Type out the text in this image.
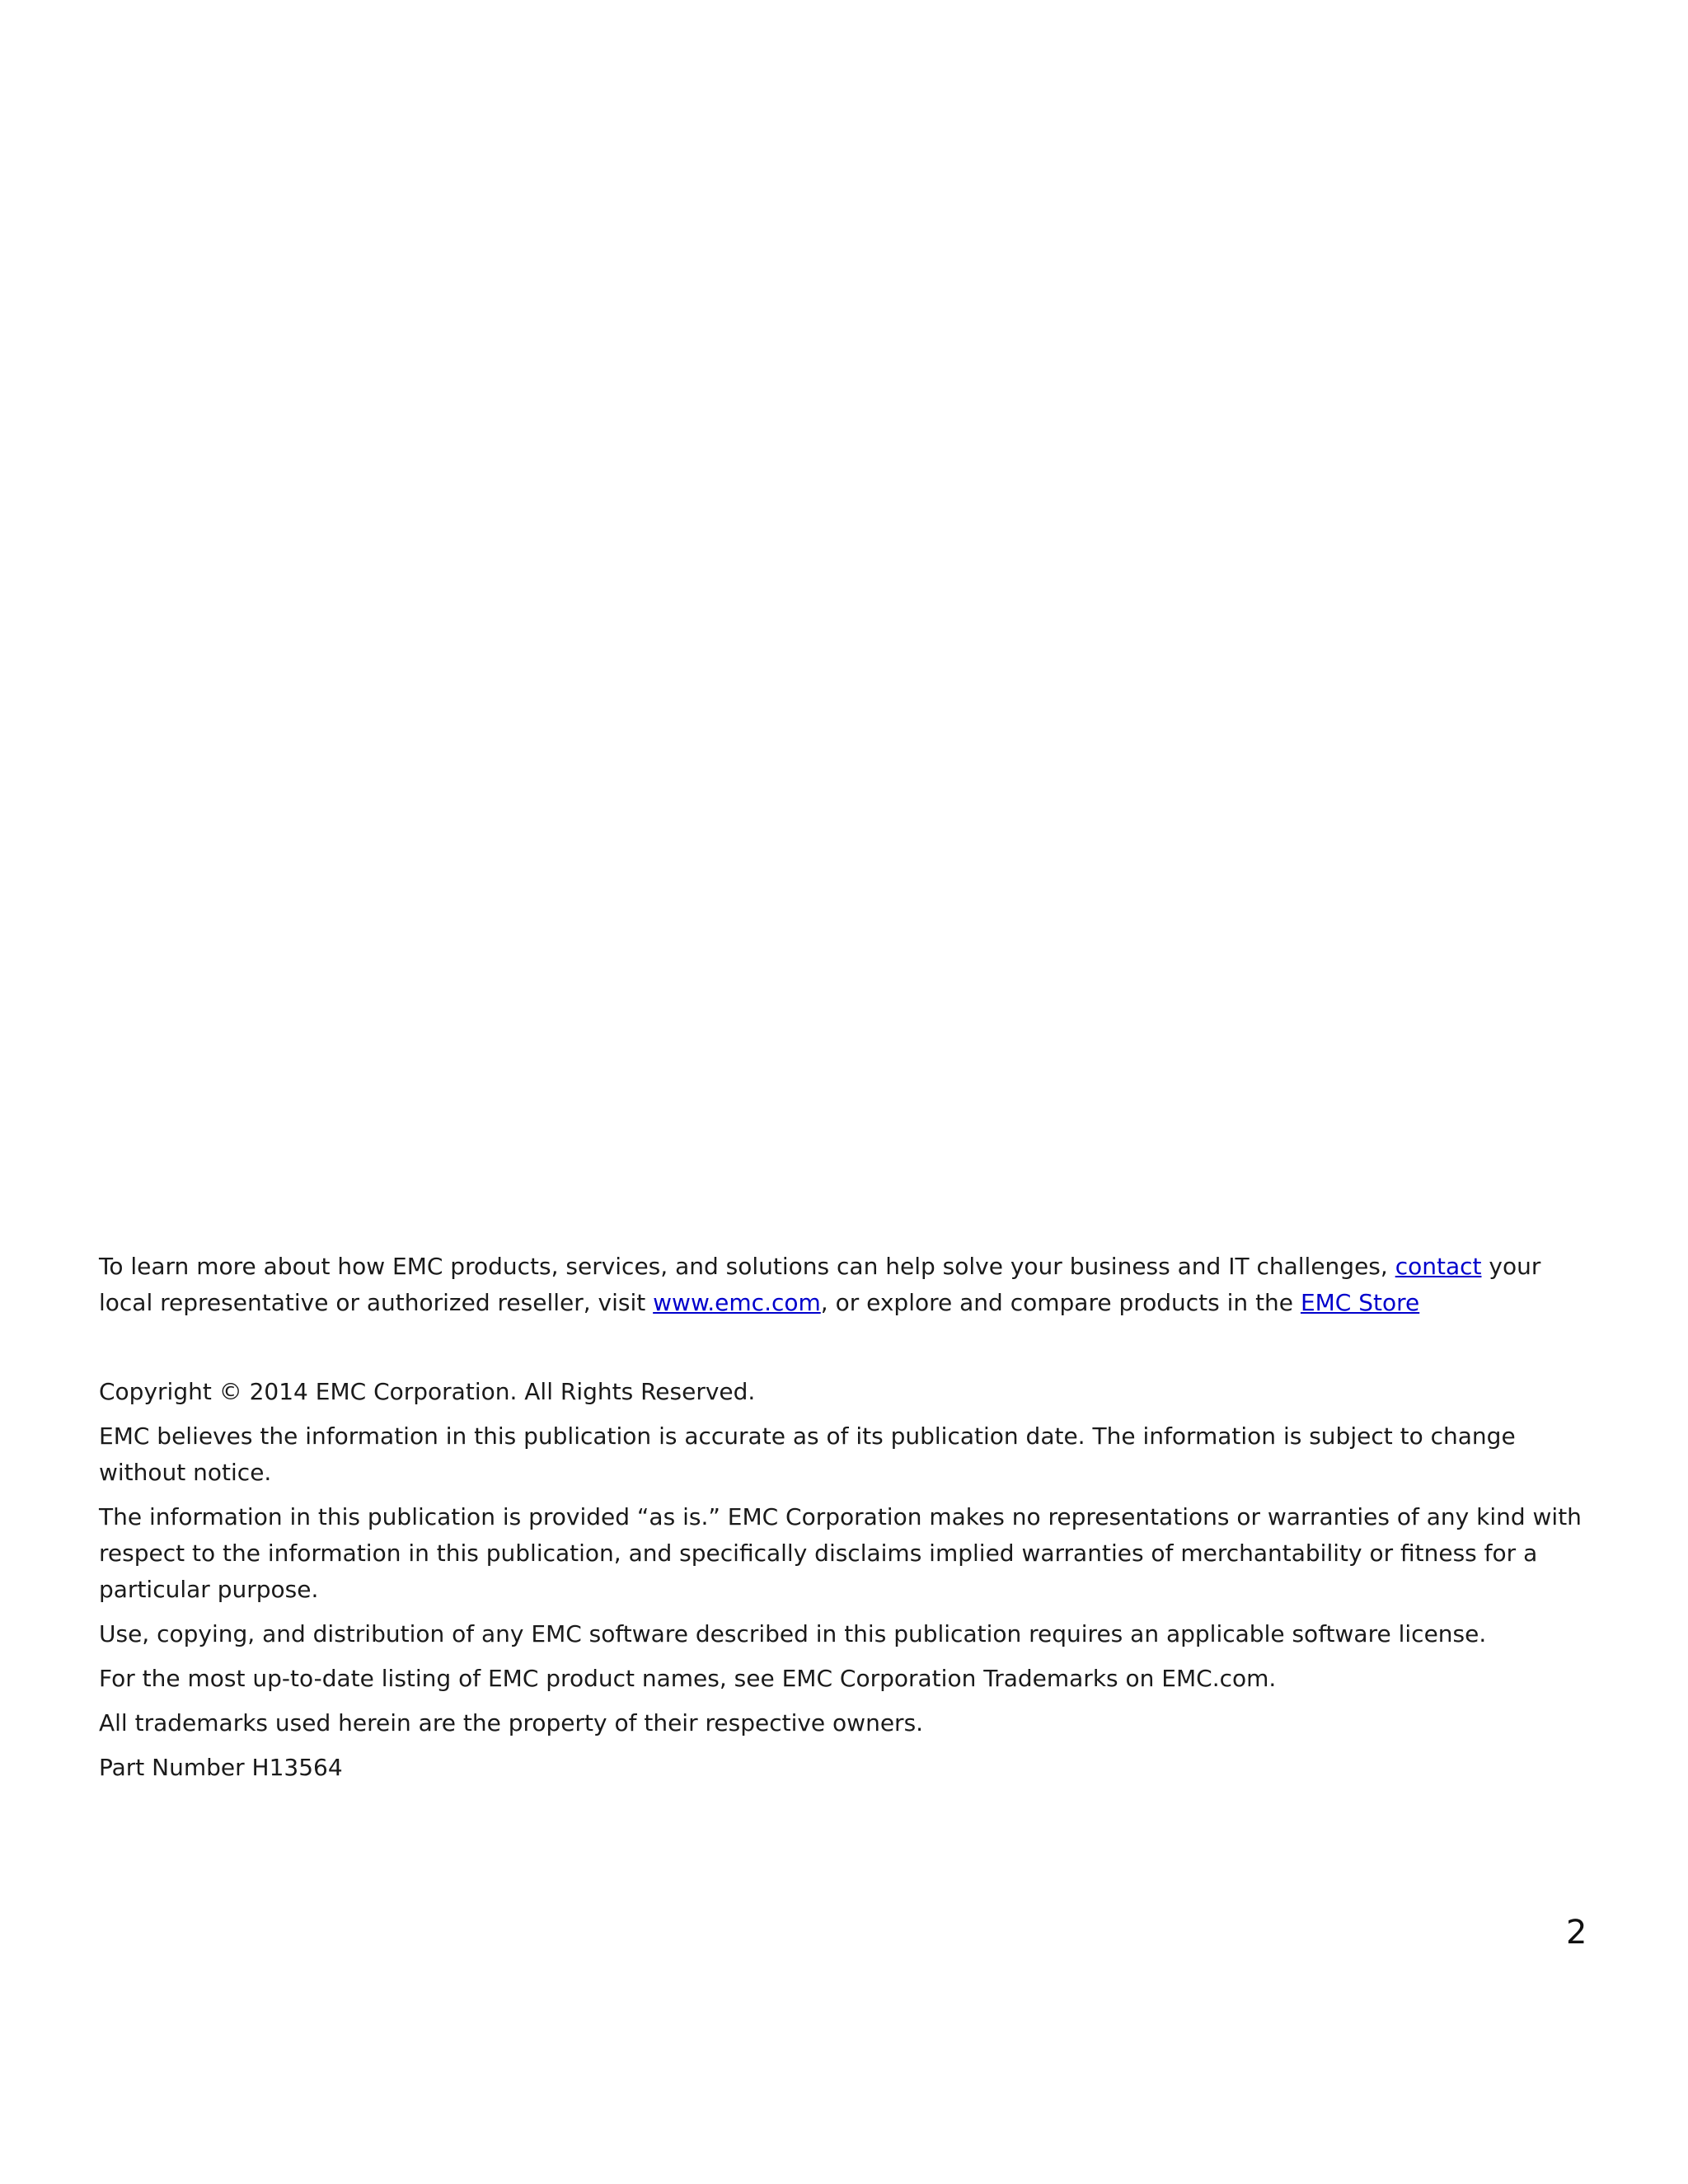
To learn more about how EMC products, services, and solutions can help solve your business and IT challenges, contact your local representative or authorized reseller, visit www.emc.com, or explore and compare products in the EMC Store

Copyright © 2014 EMC Corporation. All Rights Reserved.

EMC believes the information in this publication is accurate as of its publication date. The information is subject to change without notice.

The information in this publication is provided “as is.” EMC Corporation makes no representations or warranties of any kind with respect to the information in this publication, and specifically disclaims implied warranties of merchantability or fitness for a particular purpose.

Use, copying, and distribution of any EMC software described in this publication requires an applicable software license.

For the most up-to-date listing of EMC product names, see EMC Corporation Trademarks on EMC.com.

All trademarks used herein are the property of their respective owners.

Part Number H13564

2
